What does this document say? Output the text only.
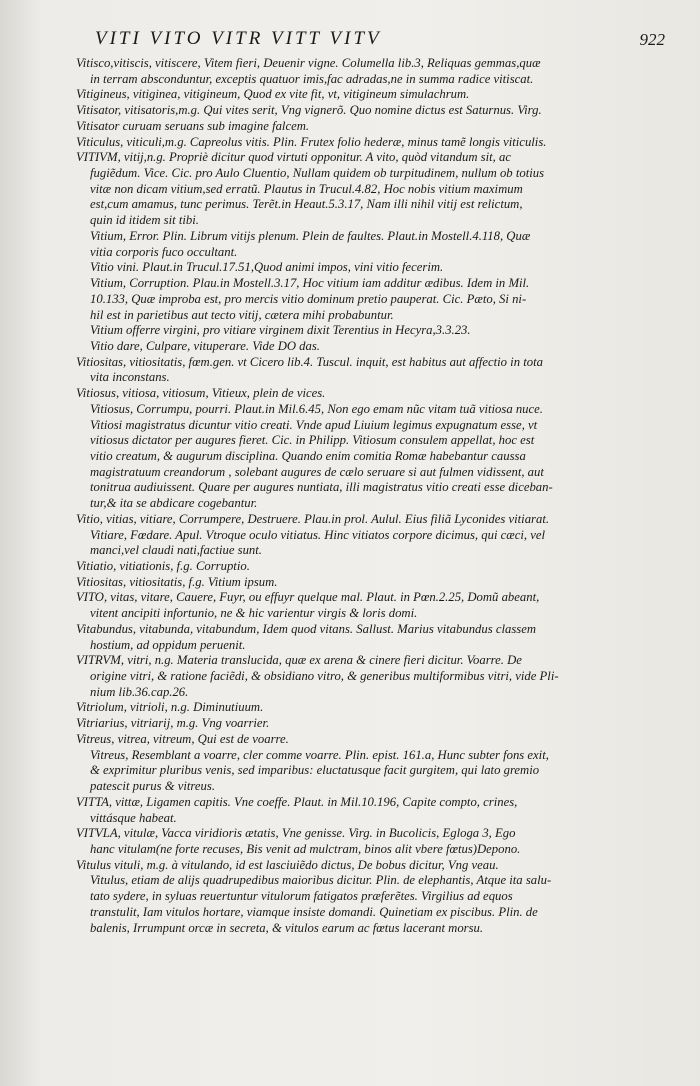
VITI VITO VITR VITT VITV	922
Vitisco,vitiscis, vitiscere, Vitem fieri, Deuenir vigne. Columella lib.3, Reliquas gemmas,quæ
in terram absconduntur, exceptis quatuor imis,fac adradas,ne in summa radice vitiscat.
Vitigineus, vitiginea, vitigineum, Quod ex vite fit, vt, vitigineum simulachrum.
Vitisator, vitisatoris,m.g. Qui vites serit, Vng vignerõ. Quo nomine dictus est Saturnus. Virg.
Vitisator curuam seruans sub imagine falcem.
Viticulus, viticuli,m.g. Capreolus vitis. Plin. Frutex folio hederæ, minus tamẽ longis viticulis.
VITIVM, vitij,n.g. Propriè dicitur quod virtuti opponitur. A vito, quòd vitandum sit, ac
fugiẽdum. Vice. Cic. pro Aulo Cluentio, Nullam quidem ob turpitudinem, nullum ob totius
vitæ non dicam vitium,sed erratũ. Plautus in Trucul.4.82, Hoc nobis vitium maximum
est,cum amamus, tunc perimus. Terẽt.in Heaut.5.3.17, Nam illi nihil vitij est relictum,
quin id itidem sit tibi.
Vitium, Error. Plin. Librum vitijs plenum. Plein de faultes. Plaut.in Mostell.4.118, Quæ
vitia corporis fuco occultant.
Vitio vini. Plaut.in Trucul.17.51,Quod animi impos, vini vitio fecerim.
Vitium, Corruption. Plau.in Mostell.3.17, Hoc vitium iam additur ædibus. Idem in Mil.
10.133, Quæ improba est, pro mercis vitio dominum pretio pauperat. Cic. Pæto, Si ni-
hil est in parietibus aut tecto vitij, cætera mihi probabuntur.
Vitium offerre virgini, pro vitiare virginem dixit Terentius in Hecyra,3.3.23.
Vitio dare, Culpare, vituperare. Vide DO das.
Vitiositas, vitiositatis, fœm.gen. vt Cicero lib.4. Tuscul. inquit, est habitus aut affectio in tota
vita inconstans.
Vitiosus, vitiosa, vitiosum, Vitieux, plein de vices.
Vitiosus, Corrumpu, pourri. Plaut.in Mil.6.45, Non ego emam nũc vitam tuã vitiosa nuce.
Vitiosi magistratus dicuntur vitio creati. Vnde apud Liuium legimus expugnatum esse, vt
vitiosus dictator per augures fieret. Cic. in Philipp. Vitiosum consulem appellat, hoc est
vitio creatum, & augurum disciplina. Quando enim comitia Romæ habebantur caussa
magistratuum creandorum , solebant augures de cælo seruare si aut fulmen vidissent, aut
tonitrua audiuissent. Quare per augures nuntiata, illi magistratus vitio creati esse diceban-
tur,& ita se abdicare cogebantur.
Vitio, vitias, vitiare, Corrumpere, Destruere. Plau.in prol. Aulul. Eius filiã Lyconides vitiarat.
Vitiare, Fœdare. Apul. Vtroque oculo vitiatus. Hinc vitiatos corpore dicimus, qui cæci, vel
manci,vel claudi nati,factiue sunt.
Vitiatio, vitiationis, f.g. Corruptio.
Vitiositas, vitiositatis, f.g. Vitium ipsum.
VITO, vitas, vitare, Cauere, Fuyr, ou effuyr quelque mal. Plaut. in Pœn.2.25, Domũ abeant,
vitent ancipiti infortunio, ne & hic varientur virgis & loris domi.
Vitabundus, vitabunda, vitabundum, Idem quod vitans. Sallust. Marius vitabundus classem
hostium, ad oppidum peruenit.
VITRVM, vitri, n.g. Materia translucida, quæ ex arena & cinere fieri dicitur. Voarre. De
origine vitri, & ratione faciẽdi, & obsidiano vitro, & generibus multiformibus vitri, vide Pli-
nium lib.36.cap.26.
Vitriolum, vitrioli, n.g. Diminutiuum.
Vitriarius, vitriarij, m.g. Vng voarrier.
Vitreus, vitrea, vitreum, Qui est de voarre.
Vitreus, Resemblant a voarre, cler comme voarre. Plin. epist. 161.a, Hunc subter fons exit,
& exprimitur pluribus venis, sed imparibus: eluctatusque facit gurgitem, qui lato gremio
patescit purus & vitreus.
VITTA, vittæ, Ligamen capitis. Vne coeffe. Plaut. in Mil.10.196, Capite compto, crines,
vittásque habeat.
VITVLA, vitulæ, Vacca viridioris ætatis, Vne genisse. Virg. in Bucolicis, Egloga 3, Ego
hanc vitulam(ne forte recuses, Bis venit ad mulctram, binos alit vbere fœtus)Depono.
Vitulus vituli, m.g. à vitulando, id est lasciuiẽdo dictus, De bobus dicitur, Vng veau.
Vitulus, etiam de alijs quadrupedibus maioribus dicitur. Plin. de elephantis, Atque ita salu-
tato sydere, in syluas reuertuntur vitulorum fatigatos præferẽtes. Virgilius ad equos
transtulit, Iam vitulos hortare, viamque insiste domandi. Quinetiam ex piscibus. Plin. de
balenis, Irrumpunt orcæ in secreta, & vitulos earum ac fœtus lacerant morsu.
